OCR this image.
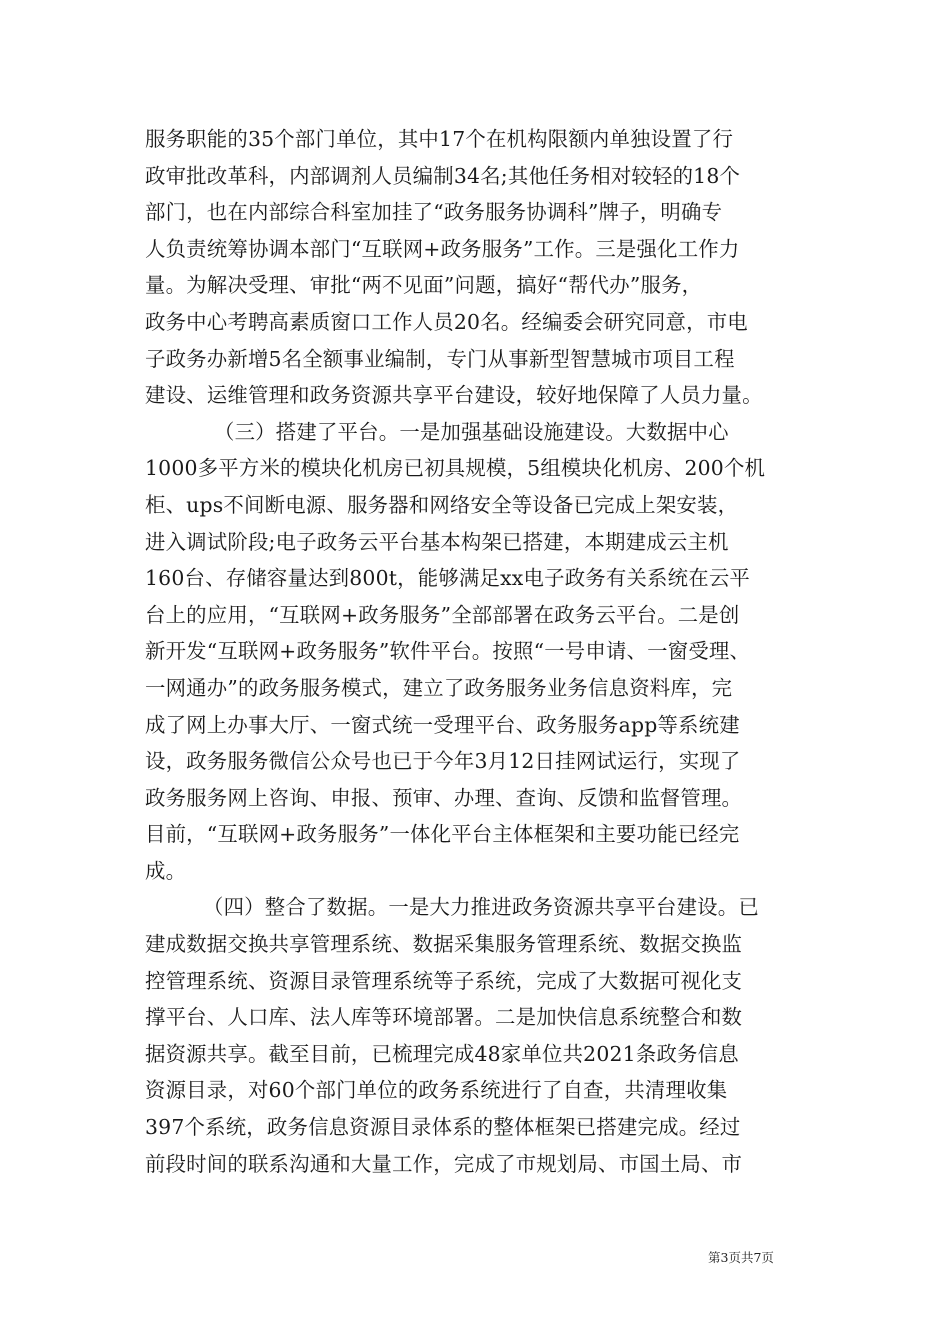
服务职能的35个部门单位，其中17个在机构限额内单独设置了行
政审批改革科，内部调剂人员编制34名;其他任务相对较轻的18个
部门，也在内部综合科室加挂了“政务服务协调科”牌子，明确专
人负责统筹协调本部门“互联网+政务服务”工作。三是强化工作力
量。为解决受理、审批“两不见面”问题，搞好“帮代办”服务，
政务中心考聘高素质窗口工作人员20名。经编委会研究同意，市电
子政务办新增5名全额事业编制，专门从事新型智慧城市项目工程
建设、运维管理和政务资源共享平台建设，较好地保障了人员力量。
（三）搭建了平台。一是加强基础设施建设。大数据中心
1000多平方米的模块化机房已初具规模，5组模块化机房、200个机
柜、ups不间断电源、服务器和网络安全等设备已完成上架安装，
进入调试阶段;电子政务云平台基本构架已搭建，本期建成云主机
160台、存储容量达到800t，能够满足xx电子政务有关系统在云平
台上的应用，“互联网+政务服务”全部部署在政务云平台。二是创
新开发“互联网+政务服务”软件平台。按照“一号申请、一窗受理、
一网通办”的政务服务模式，建立了政务服务业务信息资料库，完
成了网上办事大厅、一窗式统一受理平台、政务服务app等系统建
设，政务服务微信公众号也已于今年3月12日挂网试运行，实现了
政务服务网上咨询、申报、预审、办理、查询、反馈和监督管理。
目前，“互联网+政务服务”一体化平台主体框架和主要功能已经完
成。
（四）整合了数据。一是大力推进政务资源共享平台建设。已
建成数据交换共享管理系统、数据采集服务管理系统、数据交换监
控管理系统、资源目录管理系统等子系统，完成了大数据可视化支
撑平台、人口库、法人库等环境部署。二是加快信息系统整合和数
据资源共享。截至目前，已梳理完成48家单位共2021条政务信息
资源目录，对60个部门单位的政务系统进行了自查，共清理收集
397个系统，政务信息资源目录体系的整体框架已搭建完成。经过
前段时间的联系沟通和大量工作，完成了市规划局、市国土局、市
第3页共7页
